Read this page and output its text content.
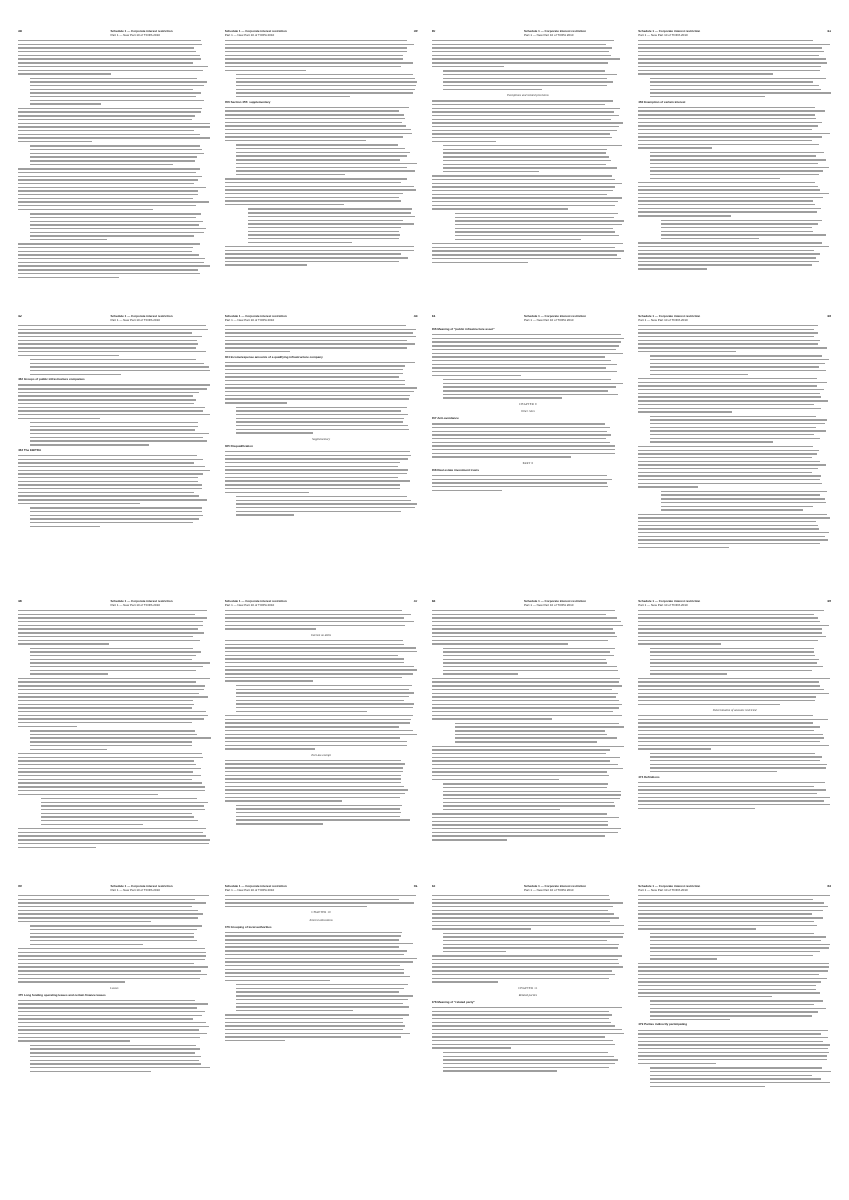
38	Schedule 1 — Corporate interest restriction
Part 1 — New Part 10 of TIOPA 2010
39
Schedule 1 — Corporate interest restriction
Part 1 — New Part 10 of TIOPA 2010
456 Section 455: supplementary
40	Schedule 1 — Corporate interest restriction
Part 1 — New Part 10 of TIOPA 2010
Exemptions and related provisions
41
Schedule 1 — Corporate interest restriction
Part 1 — New Part 10 of TIOPA 2010
460 Exemption of certain interest
42	Schedule 1 — Corporate interest restriction
Part 1 — New Part 10 of TIOPA 2010
462 Groups of public infrastructure companies
463 The EBITDA
43
Schedule 1 — Corporate interest restriction
Part 1 — New Part 10 of TIOPA 2010
464 Income/expense amounts of a qualifying infrastructure company
Supplementary
465 Disqualification
44	Schedule 1 — Corporate interest restriction
Part 1 — New Part 10 of TIOPA 2010
466 Meaning of "public infrastructure asset"
CHAPTER 9
Other rules
467 Anti-avoidance
PART 6
468 Real estate investment trusts
45
Schedule 1 — Corporate interest restriction
Part 1 — New Part 10 of TIOPA 2010
46	Schedule 1 — Corporate interest restriction
Part 1 — New Part 10 of TIOPA 2010
47
Schedule 1 — Corporate interest restriction
Part 1 — New Part 10 of TIOPA 2010
Interest on debts
Part-tax-exempt
48	Schedule 1 — Corporate interest restriction
Part 1 — New Part 10 of TIOPA 2010
49
Schedule 1 — Corporate interest restriction
Part 1 — New Part 10 of TIOPA 2010
Determination of amounts restricted
474 Definitions
50	Schedule 1 — Corporate interest restriction
Part 1 — New Part 10 of TIOPA 2010
Leases
475 Long funding operating leases and certain finance leases
51
Schedule 1 — Corporate interest restriction
Part 1 — New Part 10 of TIOPA 2010
CHAPTER 10
Interest allocations
476 Grouping of local authorities
52	Schedule 1 — Corporate interest restriction
Part 1 — New Part 10 of TIOPA 2010
CHAPTER 11
Related parties
478 Meaning of "related party"
53
Schedule 1 — Corporate interest restriction
Part 1 — New Part 10 of TIOPA 2010
479 Parties indirectly participating
